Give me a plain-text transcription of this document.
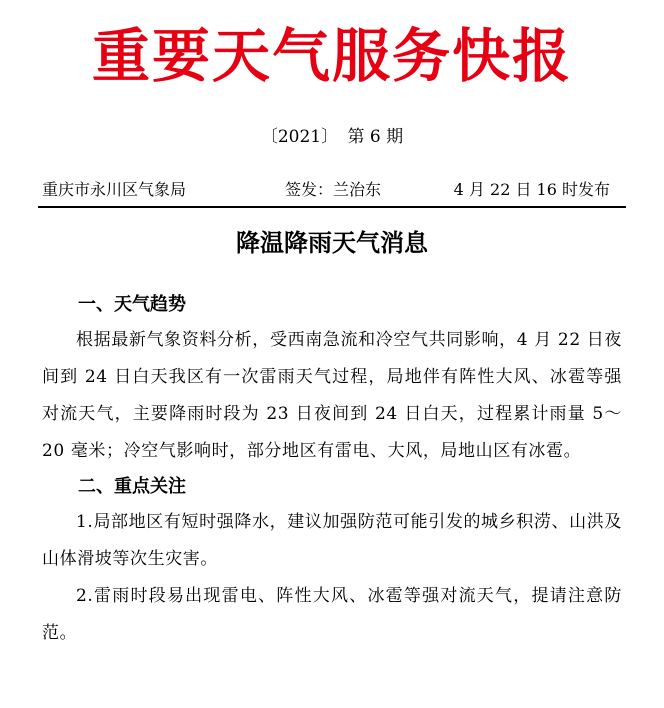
重要天气服务快报
〔2021〕 第 6 期
重庆市永川区气象局	签发：兰治东	4 月 22 日 16 时发布
降温降雨天气消息
一、天气趋势

根据最新气象资料分析，受西南急流和冷空气共同影响，4 月 22 日夜间到 24 日白天我区有一次雷雨天气过程，局地伴有阵性大风、冰雹等强对流天气，主要降雨时段为 23 日夜间到 24 日白天，过程累计雨量 5～20 毫米；冷空气影响时，部分地区有雷电、大风，局地山区有冰雹。

二、重点关注

1.局部地区有短时强降水，建议加强防范可能引发的城乡积涝、山洪及山体滑坡等次生灾害。

2.雷雨时段易出现雷电、阵性大风、冰雹等强对流天气，提请注意防范。
